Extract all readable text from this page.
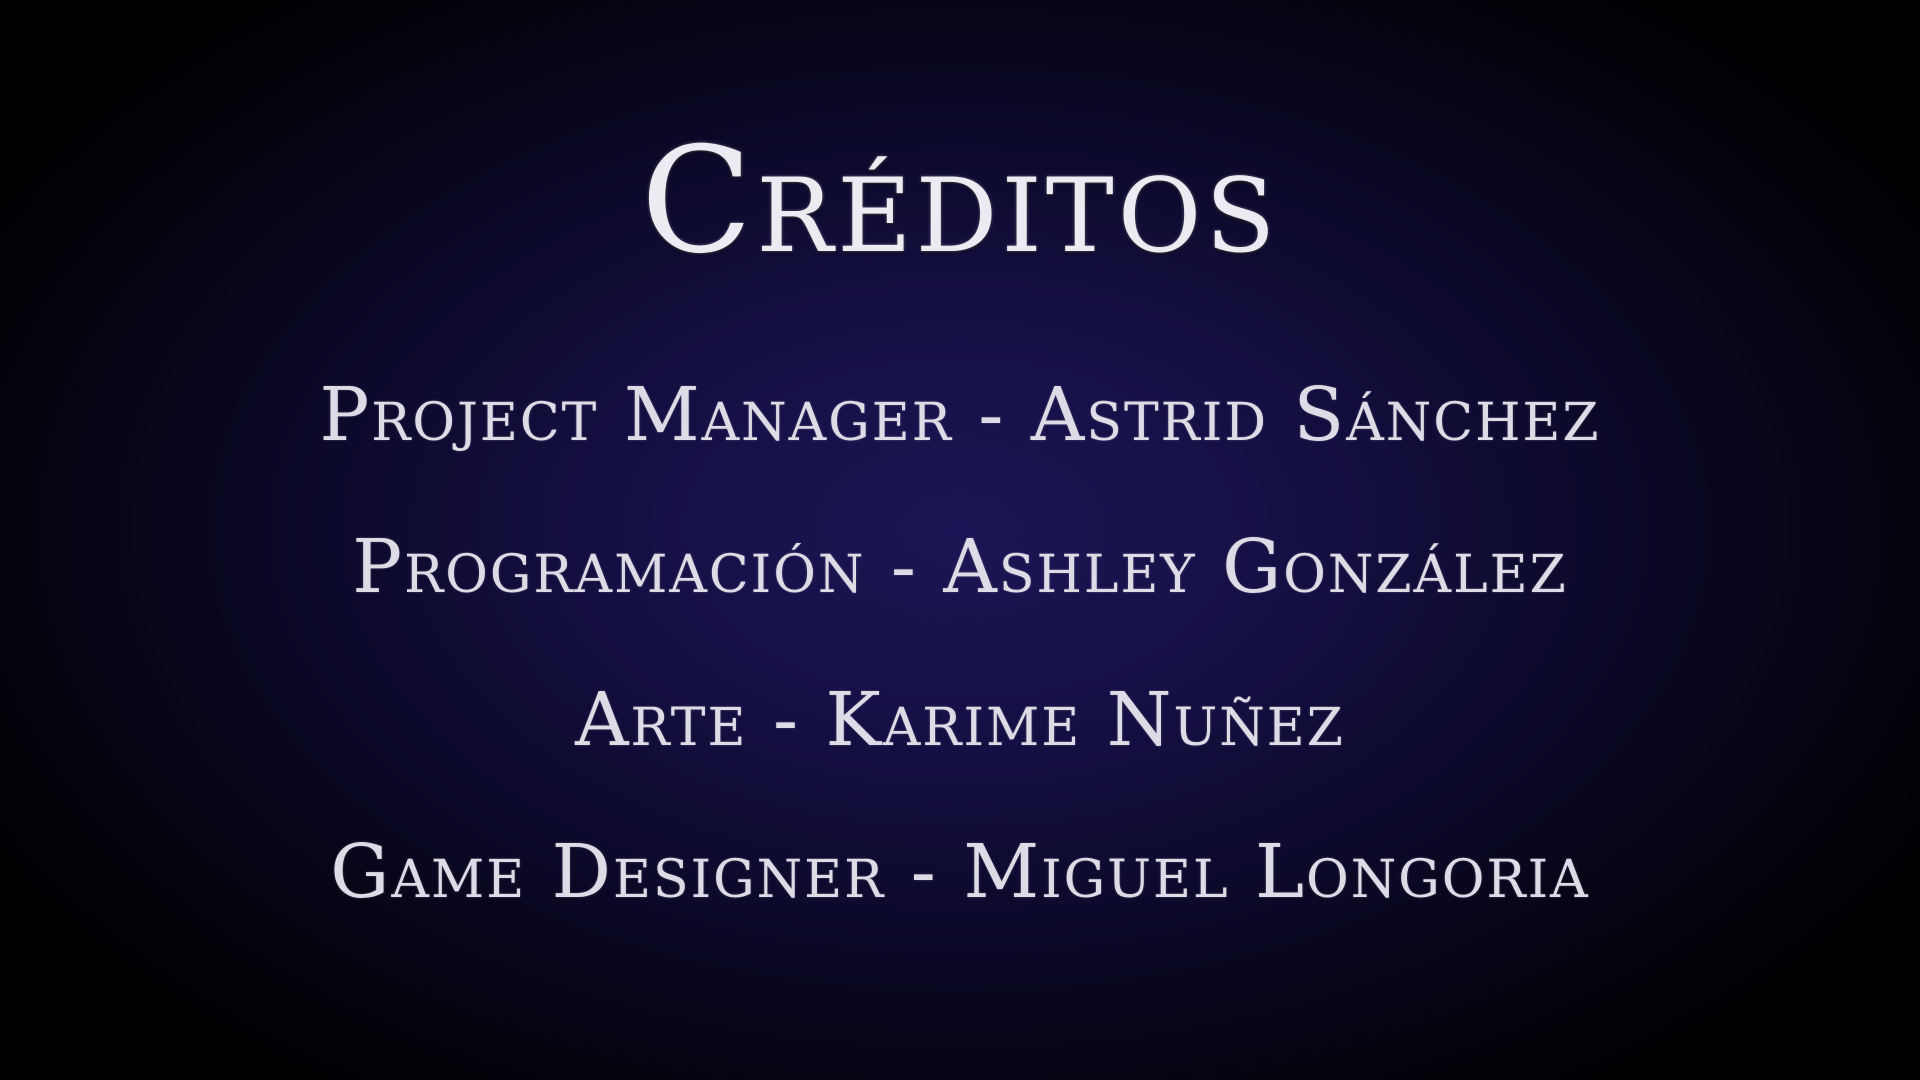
Créditos
Project Manager - Astrid Sánchez
Programación - Ashley González
Arte - Karime Nuñez
Game Designer - Miguel Longoria
